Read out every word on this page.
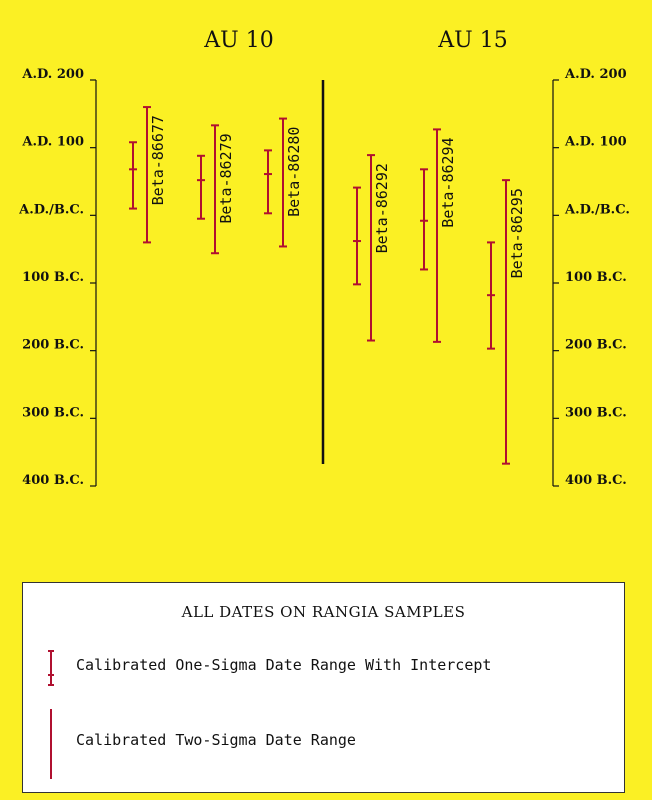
A.D. 200	A.D. 200
A.D. 100	A.D. 100
A.D./B.C.	A.D./B.C.
100 B.C.	100 B.C.
200 B.C.	200 B.C.
300 B.C.	300 B.C.
400 B.C.	400 B.C.
AU 10	AU 15
Beta-86677	Beta-86279	Beta-86280	Beta-86292	Beta-86294
Beta-86295
ALL DATES ON RANGIA SAMPLES
Calibrated One-Sigma Date Range With Intercept
Calibrated Two-Sigma Date Range
